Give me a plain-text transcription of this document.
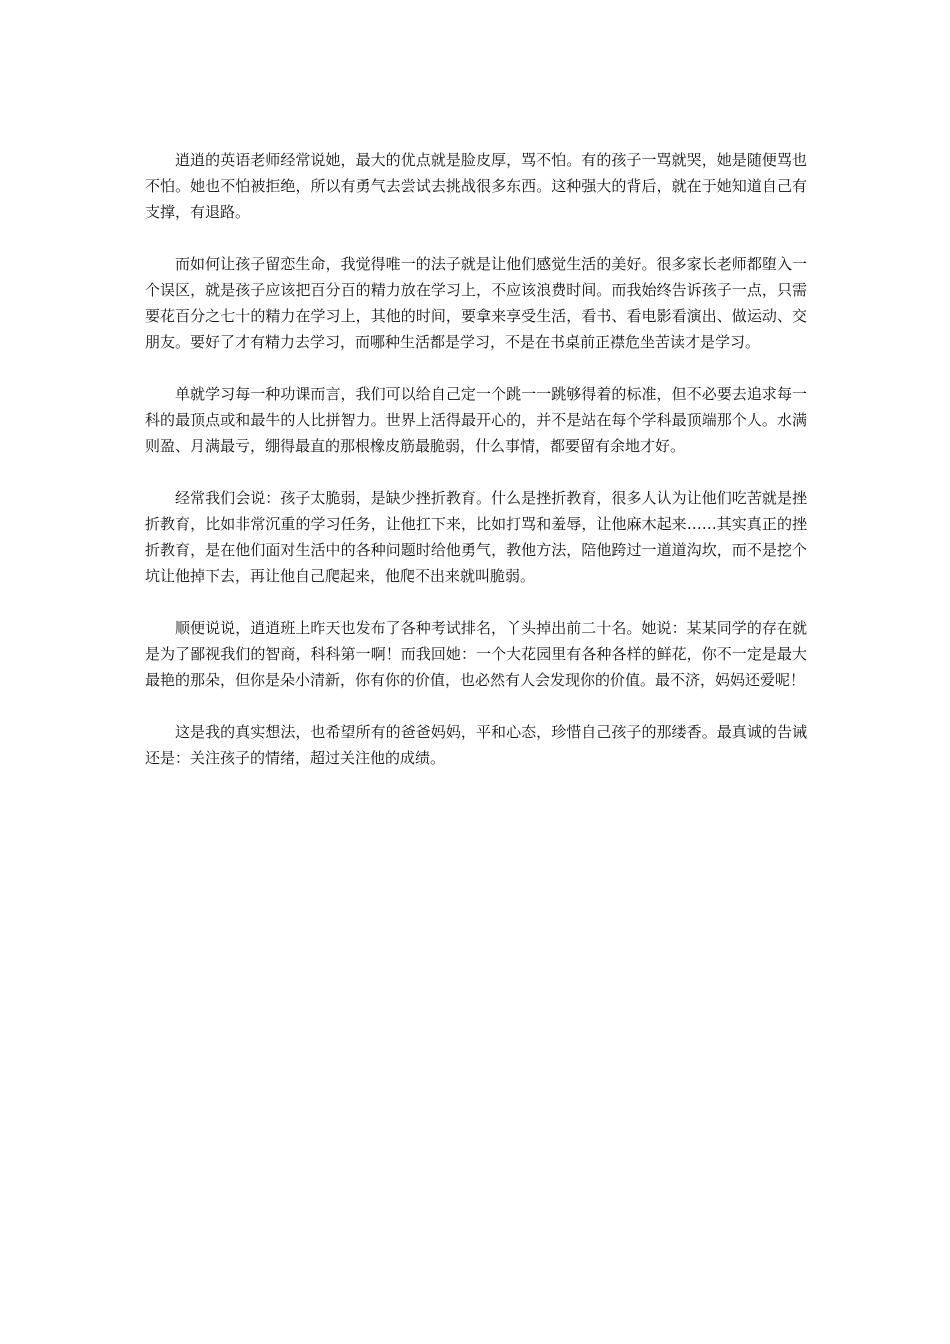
逍逍的英语老师经常说她，最大的优点就是脸皮厚，骂不怕。有的孩子一骂就哭，她是随便骂也不怕。她也不怕被拒绝，所以有勇气去尝试去挑战很多东西。这种强大的背后，就在于她知道自己有支撑，有退路。

而如何让孩子留恋生命，我觉得唯一的法子就是让他们感觉生活的美好。很多家长老师都堕入一个误区，就是孩子应该把百分百的精力放在学习上，不应该浪费时间。而我始终告诉孩子一点，只需要花百分之七十的精力在学习上，其他的时间，要拿来享受生活，看书、看电影看演出、做运动、交朋友。要好了才有精力去学习，而哪种生活都是学习，不是在书桌前正襟危坐苦读才是学习。

单就学习每一种功课而言，我们可以给自己定一个跳一一跳够得着的标准，但不必要去追求每一科的最顶点或和最牛的人比拼智力。世界上活得最开心的，并不是站在每个学科最顶端那个人。水满则盈、月满最亏，绷得最直的那根橡皮筋最脆弱，什么事情，都要留有余地才好。

经常我们会说：孩子太脆弱，是缺少挫折教育。什么是挫折教育，很多人认为让他们吃苦就是挫折教育，比如非常沉重的学习任务，让他扛下来，比如打骂和羞辱，让他麻木起来……其实真正的挫折教育，是在他们面对生活中的各种问题时给他勇气，教他方法，陪他跨过一道道沟坎，而不是挖个坑让他掉下去，再让他自己爬起来，他爬不出来就叫脆弱。

顺便说说，逍逍班上昨天也发布了各种考试排名，丫头掉出前二十名。她说：某某同学的存在就是为了鄙视我们的智商，科科第一啊！而我回她：一个大花园里有各种各样的鲜花，你不一定是最大最艳的那朵，但你是朵小清新，你有你的价值，也必然有人会发现你的价值。最不济，妈妈还爱呢！

这是我的真实想法，也希望所有的爸爸妈妈，平和心态，珍惜自己孩子的那缕香。最真诚的告诫还是：关注孩子的情绪，超过关注他的成绩。
